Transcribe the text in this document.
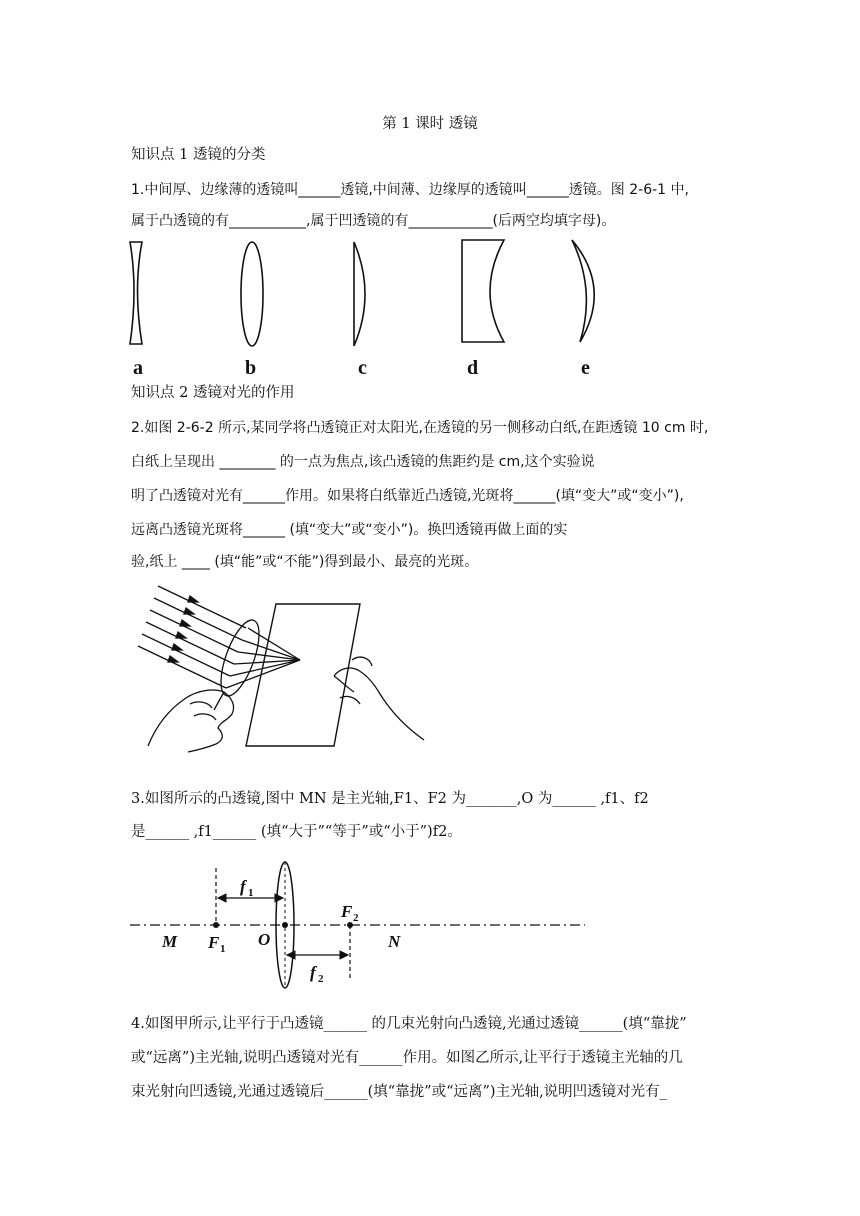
第 1 课时 透镜
知识点 1 透镜的分类
1.中间厚、边缘薄的透镜叫______透镜,中间薄、边缘厚的透镜叫______透镜。图 2-6-1 中,
属于凸透镜的有___________,属于凹透镜的有____________(后两空均填字母)。
a	b	c	d	e
知识点 2 透镜对光的作用
2.如图 2-6-2 所示,某同学将凸透镜正对太阳光,在透镜的另一侧移动白纸,在距透镜 10 cm 时,
白纸上呈现出 ________ 的一点为焦点,该凸透镜的焦距约是 cm,这个实验说
明了凸透镜对光有______作用。如果将白纸靠近凸透镜,光斑将______(填“变大”或“变小”),
远离凸透镜光斑将______ (填“变大”或“变小”)。换凹透镜再做上面的实
验,纸上 ____ (填“能”或“不能”)得到最小、最亮的光斑。
3.如图所示的凸透镜,图中 MN 是主光轴,F1、F2 为_______,O 为______ ,f1、f2
是______ ,f1______ (填“大于”“等于”或“小于”)f2。
M	N
O
F 1
F 2
f 1
f 2
4.如图甲所示,让平行于凸透镜______ 的几束光射向凸透镜,光通过透镜______(填“靠拢”
或“远离”)主光轴,说明凸透镜对光有______作用。如图乙所示,让平行于透镜主光轴的几
束光射向凹透镜,光通过透镜后______(填“靠拢”或“远离”)主光轴,说明凹透镜对光有_
